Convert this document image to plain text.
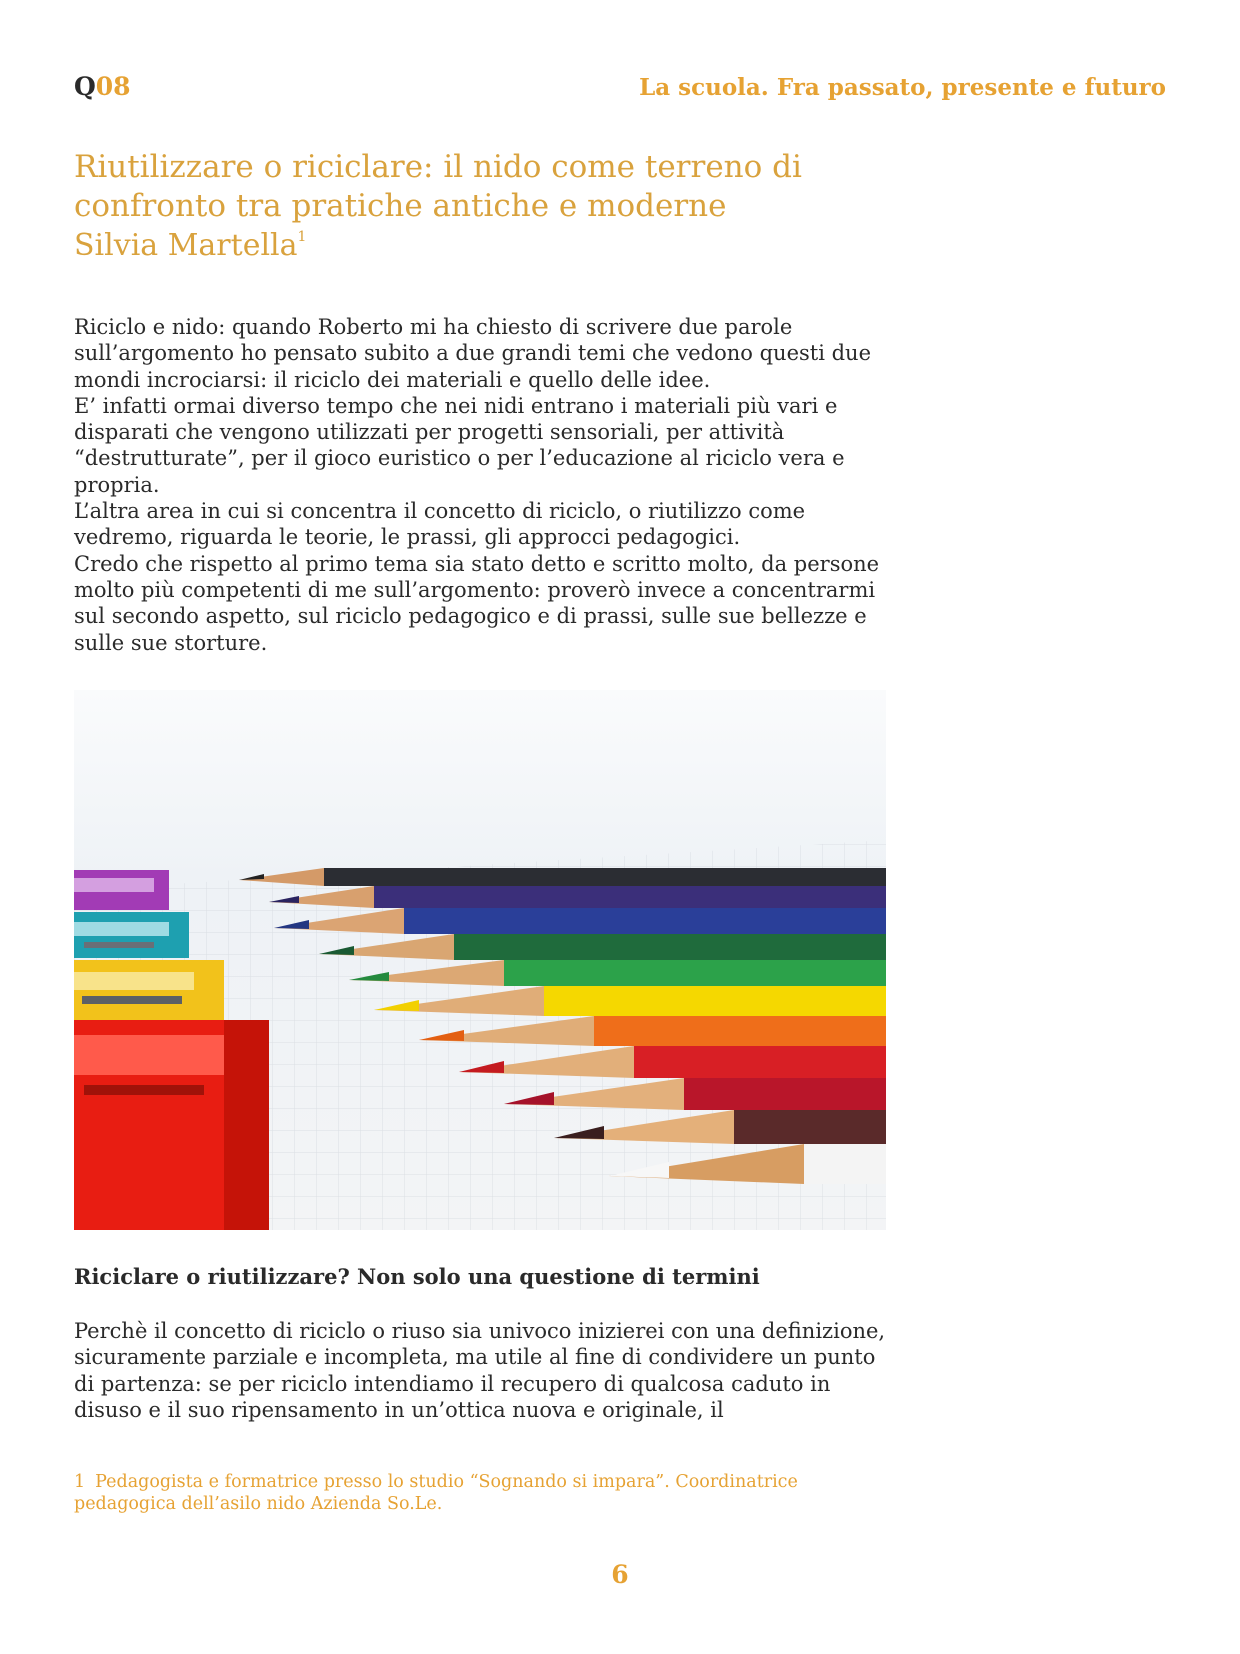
Q08	La scuola. Fra passato, presente e futuro
Riutilizzare o riciclare: il nido come terreno di confronto tra pratiche antiche e moderne
Silvia Martella$^1$

Riciclo e nido: quando Roberto mi ha chiesto di scrivere due parole sull’argomento ho pensato subito a due grandi temi che vedono questi due mondi incrociarsi: il riciclo dei materiali e quello delle idee.

E’ infatti ormai diverso tempo che nei nidi entrano i materiali più vari e disparati che vengono utilizzati per progetti sensoriali, per attività “destrutturate”, per il gioco euristico o per l’educazione al riciclo vera e propria.

L’altra area in cui si concentra il concetto di riciclo, o riutilizzo come vedremo, riguarda le teorie, le prassi, gli approcci pedagogici.

Credo che rispetto al primo tema sia stato detto e scritto molto, da persone molto più competenti di me sull’argomento: proverò invece a concentrarmi sul secondo aspetto, sul riciclo pedagogico e di prassi, sulle sue bellezze e sulle sue storture.

Riciclare o riutilizzare? Non solo una questione di termini

Perchè il concetto di riciclo o riuso sia univoco inizierei con una definizione, sicuramente parziale e incompleta, ma utile al fine di condividere un punto di partenza: se per riciclo intendiamo il recupero di qualcosa caduto in disuso e il suo ripensamento in un’ottica nuova e originale, il

1 Pedagogista e formatrice presso lo studio “Sognando si impara”. Coordinatrice pedagogica dell’asilo nido Azienda So.Le.

6
